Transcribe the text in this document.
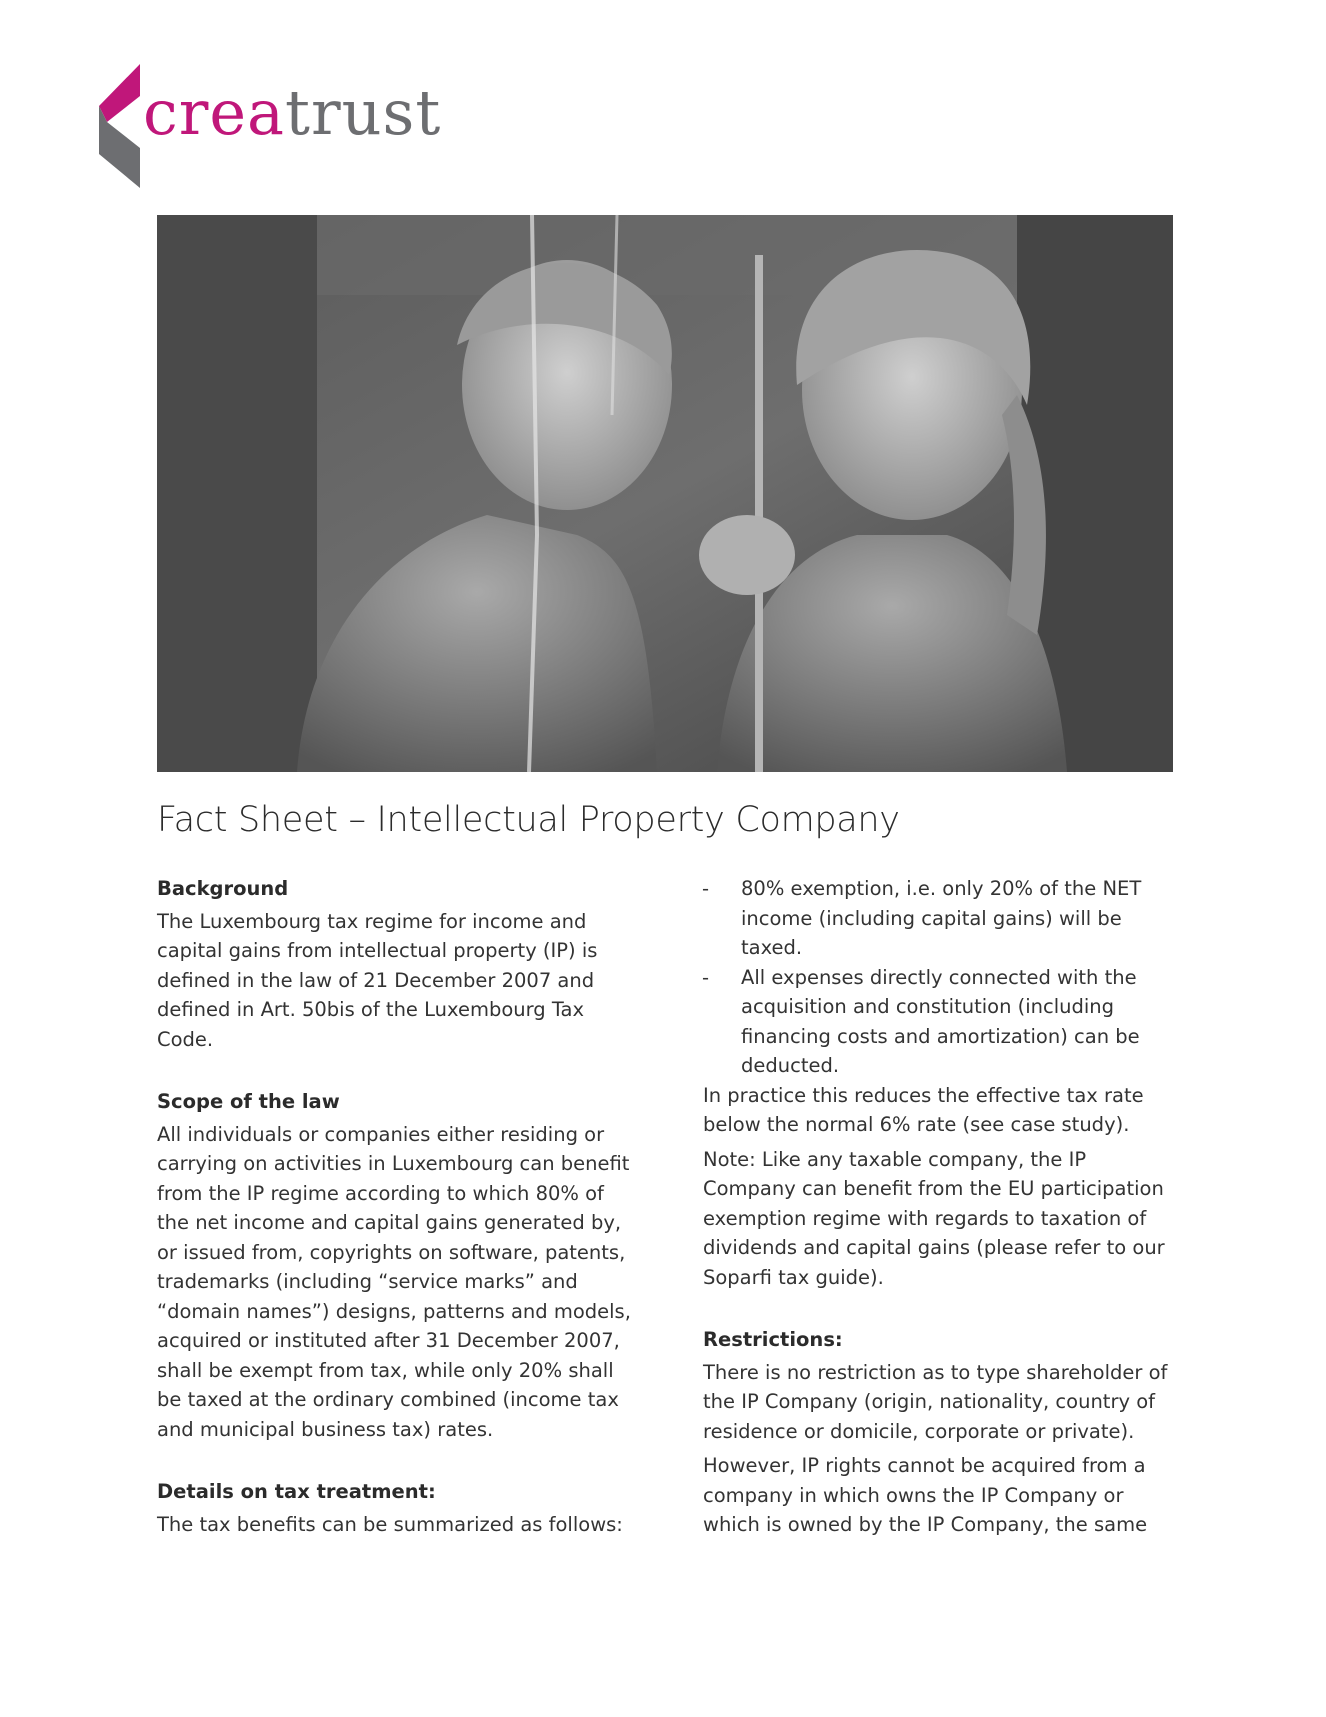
creatrust
Fact Sheet – Intellectual Property Company
Background

The Luxembourg tax regime for income and capital gains from intellectual property (IP) is defined in the law of 21 December 2007 and defined in Art. 50bis of the Luxembourg Tax Code.

Scope of the law

All individuals or companies either residing or carrying on activities in Luxembourg can benefit from the IP regime according to which 80% of the net income and capital gains generated by, or issued from, copyrights on software, patents, trademarks (including “service marks” and “domain names”) designs, patterns and models, acquired or instituted after 31 December 2007, shall be exempt from tax, while only 20% shall be taxed at the ordinary combined (income tax and municipal business tax) rates.

Details on tax treatment:

The tax benefits can be summarized as follows:

- 80% exemption, i.e. only 20% of the NET income (including capital gains) will be taxed.
- All expenses directly connected with the acquisition and constitution (including financing costs and amortization) can be deducted.

In practice this reduces the effective tax rate below the normal 6% rate (see case study).

Note: Like any taxable company, the IP Company can benefit from the EU participation exemption regime with regards to taxation of dividends and capital gains (please refer to our Soparfi tax guide).

Restrictions:

There is no restriction as to type shareholder of the IP Company (origin, nationality, country of residence or domicile, corporate or private).

However, IP rights cannot be acquired from a company in which owns the IP Company or which is owned by the IP Company, the same
